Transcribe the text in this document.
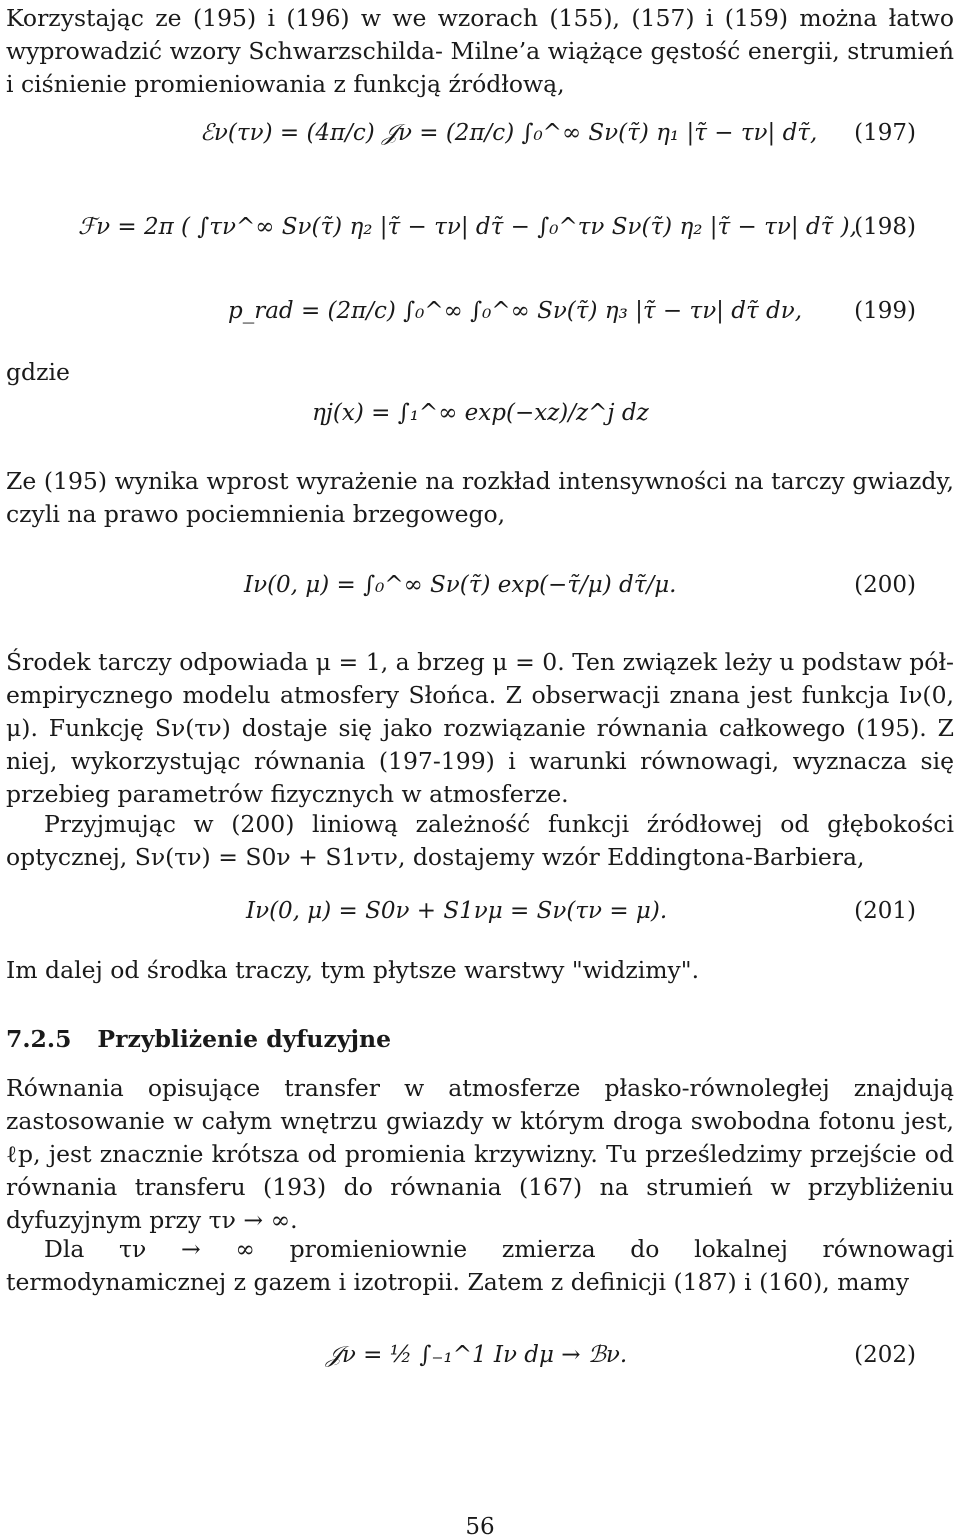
Korzystając ze (195) i (196) w we wzorach (155), (157) i (159) można łatwo wyprowadzić wzory Schwarzschilda- Milne’a wiążące gęstość energii, strumień i ciśnienie promieniowania z funkcją źródłową,

ℰν(τν) = (4π/c) 𝒥ν = (2π/c) ∫₀^∞ Sν(τ̃) η₁ |τ̃ − τν| dτ̃, (197)
ℱν = 2π ( ∫τν^∞ Sν(τ̃) η₂ |τ̃ − τν| dτ̃ − ∫₀^τν Sν(τ̃) η₂ |τ̃ − τν| dτ̃ ),
(198)
p_rad = (2π/c) ∫₀^∞ ∫₀^∞ Sν(τ̃) η₃ |τ̃ − τν| dτ̃ dν, (199)
gdzie
ηj(x) = ∫₁^∞ exp(−xz)/z^j dz

Ze (195) wynika wprost wyrażenie na rozkład intensywności na tarczy gwiazdy, czyli na prawo pociemnienia brzegowego,

Iν(0, μ) = ∫₀^∞ Sν(τ̃) exp(−τ̃/μ) dτ̃/μ.	(200)

Środek tarczy odpowiada μ = 1, a brzeg μ = 0. Ten związek leży u podstaw pół-empirycznego modelu atmosfery Słońca. Z obserwacji znana jest funkcja Iν(0, μ). Funkcję Sν(τν) dostaje się jako rozwiązanie równania całkowego (195). Z niej, wykorzystując równania (197-199) i warunki równowagi, wyznacza się przebieg parametrów fizycznych w atmosferze.

Przyjmując w (200) liniową zależność funkcji źródłowej od głębokości optycznej, Sν(τν) = S0ν + S1ντν, dostajemy wzór Eddingtona-Barbiera,

Iν(0, μ) = S0ν + S1νμ = Sν(τν = μ).	(201)

Im dalej od środka traczy, tym płytsze warstwy "widzimy".

7.2.5 Przybliżenie dyfuzyjne

Równania opisujące transfer w atmosferze płasko-równoległej znajdują zastosowanie w całym wnętrzu gwiazdy w którym droga swobodna fotonu jest, ℓp, jest znacznie krótsza od promienia krzywizny. Tu prześledzimy przejście od równania transferu (193) do równania (167) na strumień w przybliżeniu dyfuzyjnym przy τν → ∞.

Dla τν → ∞ promieniownie zmierza do lokalnej równowagi termodynamicznej z gazem i izotropii. Zatem z definicji (187) i (160), mamy

𝒥ν = ½ ∫₋₁^1 Iν dμ → ℬν.	(202)
56
